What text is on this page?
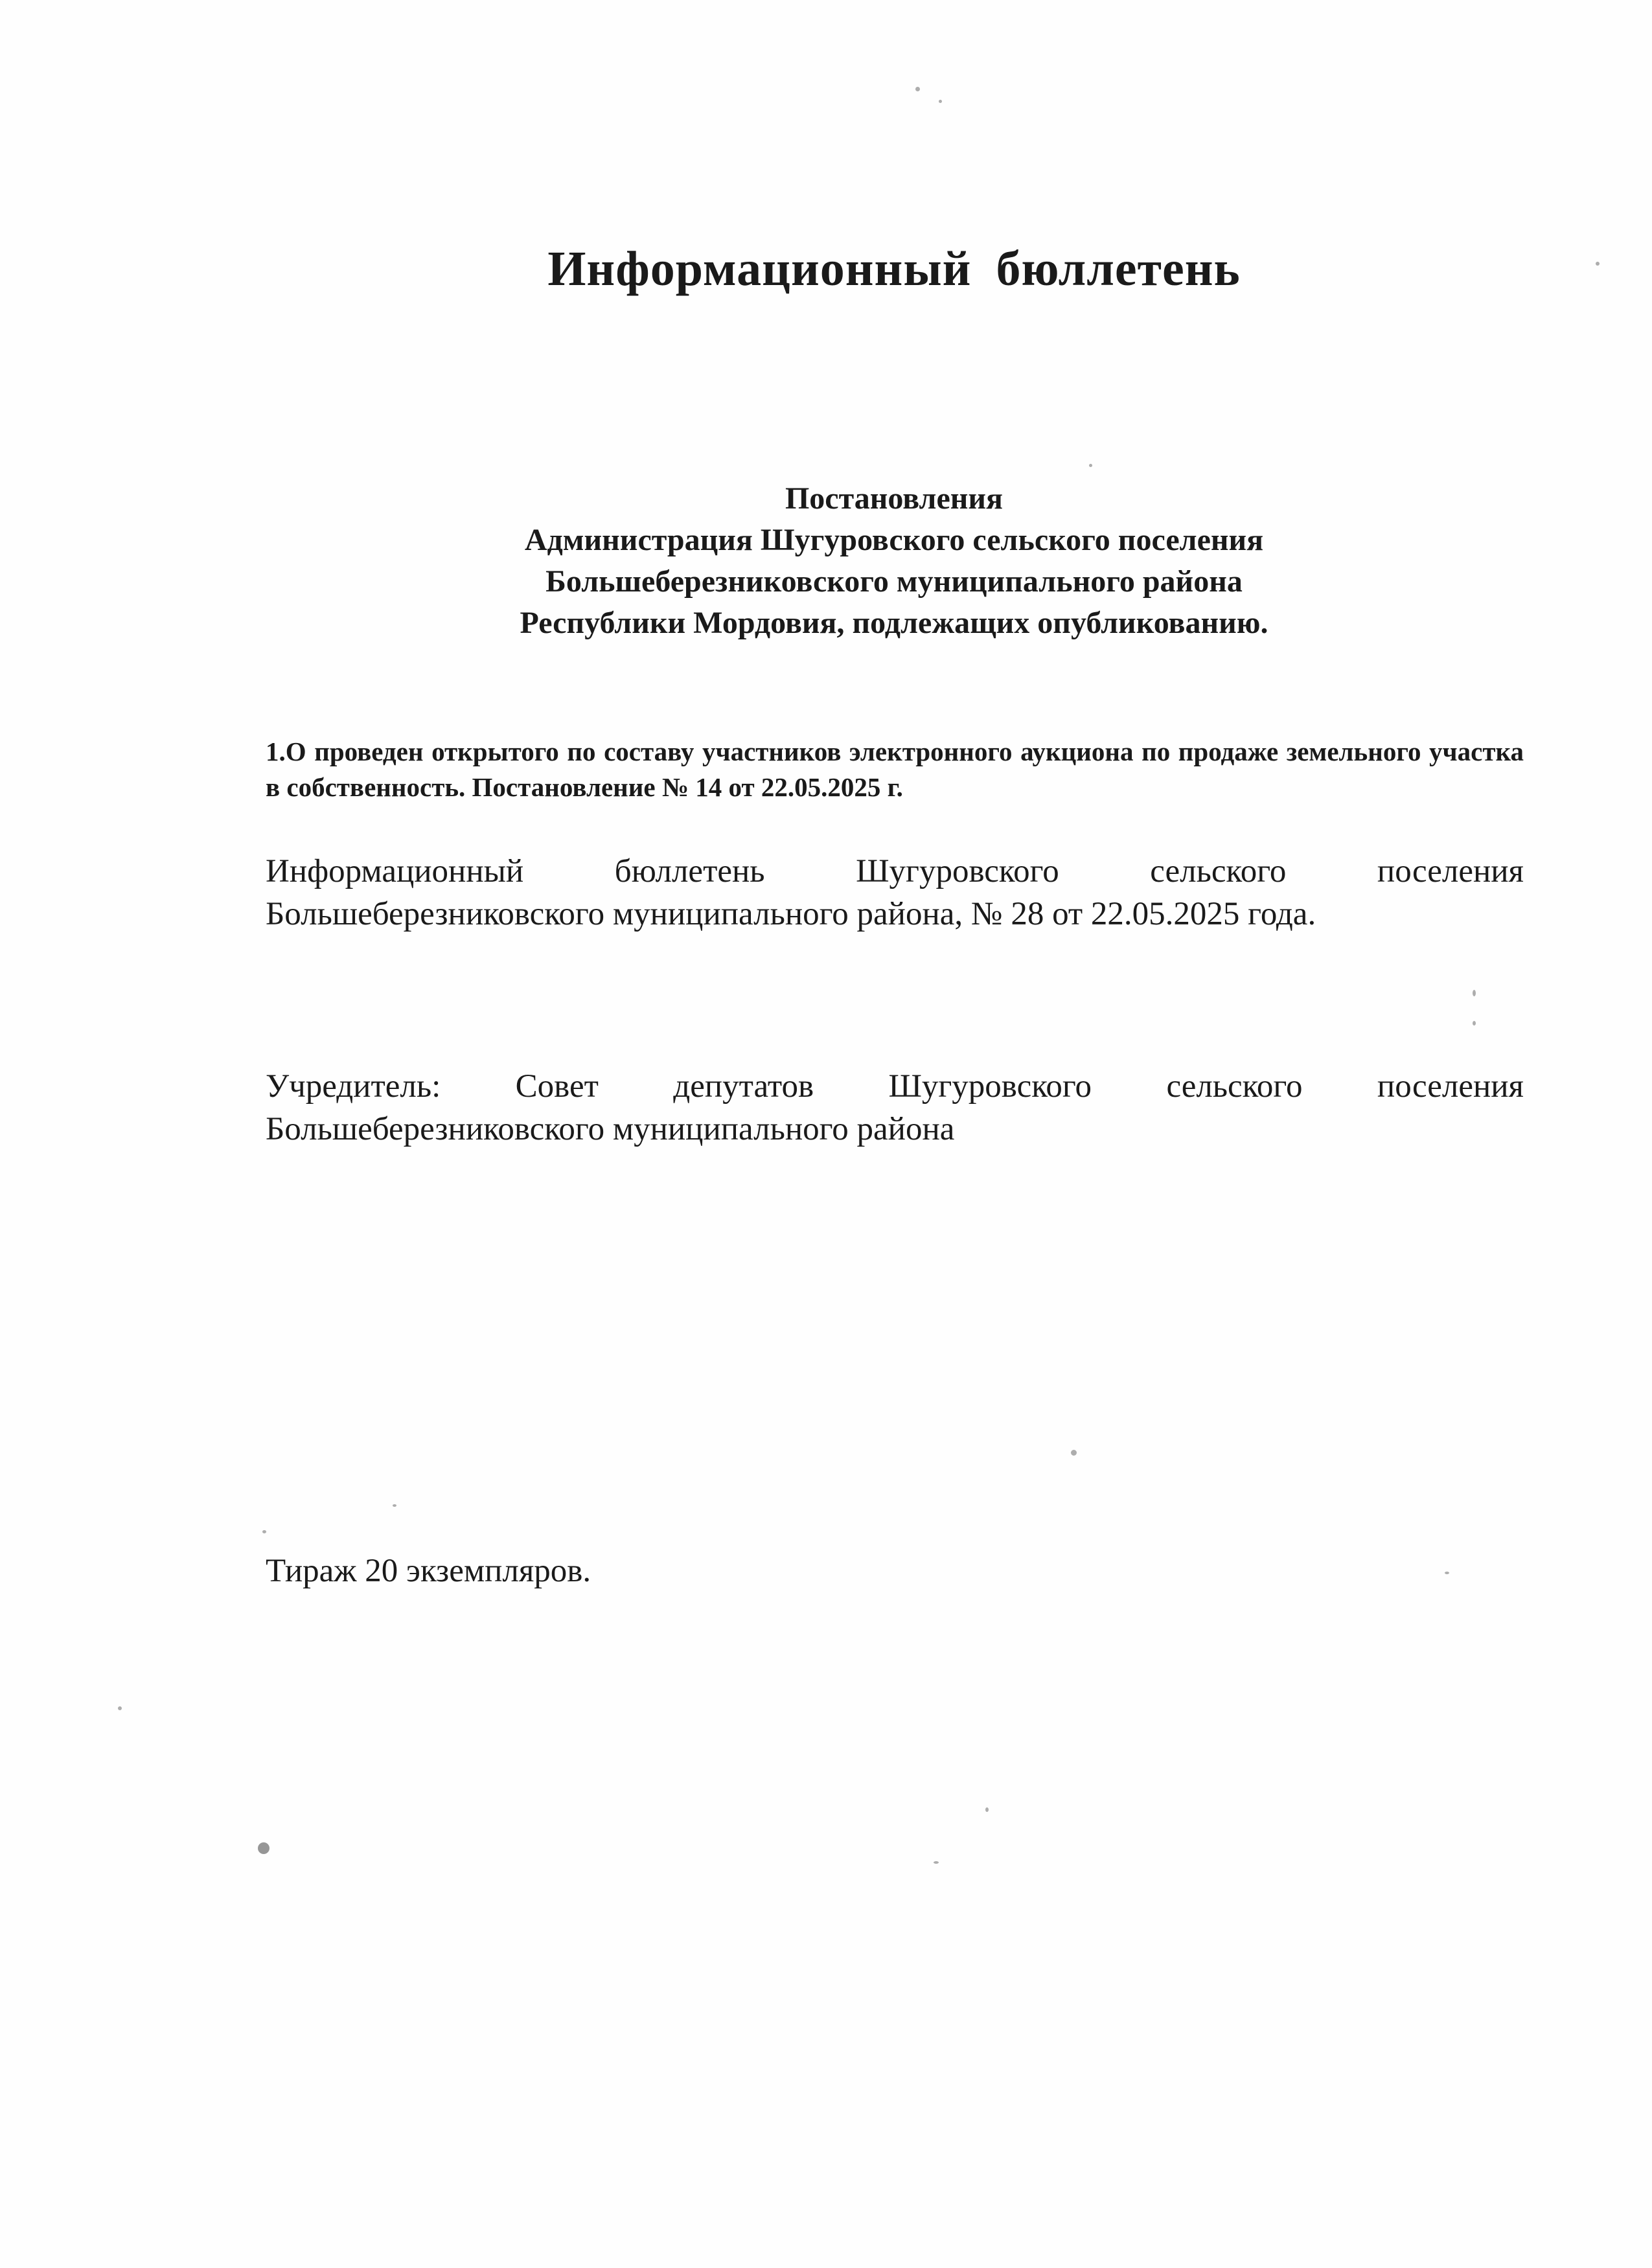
Информационный бюллетень
Постановления
Администрация Шугуровского сельского поселения
Большеберезниковского муниципального района
Республики Мордовия, подлежащих опубликованию.
1.О проведен открытого по составу участников электронного аукциона по продаже земельного участка в собственность. Постановление № 14 от 22.05.2025 г.
Информационный бюллетень Шугуровского сельского поселения Большеберезниковского муниципального района, № 28 от 22.05.2025 года.
Учредитель: Совет депутатов Шугуровского сельского поселения Большеберезниковского муниципального района
Тираж 20 экземпляров.
